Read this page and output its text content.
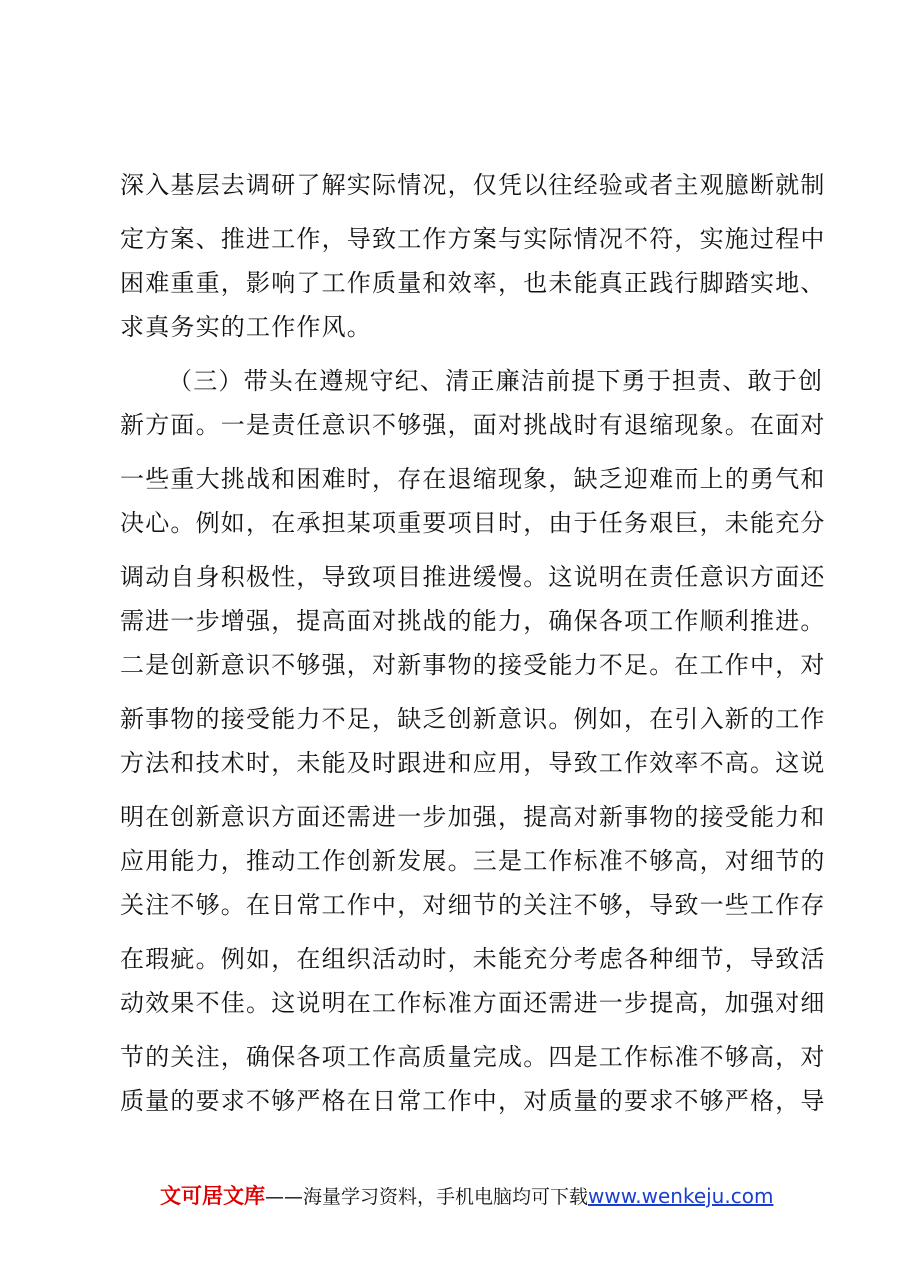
深入基层去调研了解实际情况，仅凭以往经验或者主观臆断就制
定方案、推进工作，导致工作方案与实际情况不符，实施过程中
困难重重，影响了工作质量和效率，也未能真正践行脚踏实地、
求真务实的工作作风。
（三）带头在遵规守纪、清正廉洁前提下勇于担责、敢于创
新方面。一是责任意识不够强，面对挑战时有退缩现象。在面对
一些重大挑战和困难时，存在退缩现象，缺乏迎难而上的勇气和
决心。例如，在承担某项重要项目时，由于任务艰巨，未能充分
调动自身积极性，导致项目推进缓慢。这说明在责任意识方面还
需进一步增强，提高面对挑战的能力，确保各项工作顺利推进。
二是创新意识不够强，对新事物的接受能力不足。在工作中，对
新事物的接受能力不足，缺乏创新意识。例如，在引入新的工作
方法和技术时，未能及时跟进和应用，导致工作效率不高。这说
明在创新意识方面还需进一步加强，提高对新事物的接受能力和
应用能力，推动工作创新发展。三是工作标准不够高，对细节的
关注不够。在日常工作中，对细节的关注不够，导致一些工作存
在瑕疵。例如，在组织活动时，未能充分考虑各种细节，导致活
动效果不佳。这说明在工作标准方面还需进一步提高，加强对细
节的关注，确保各项工作高质量完成。四是工作标准不够高，对
质量的要求不够严格在日常工作中，对质量的要求不够严格，导
文可居文库——海量学习资料，手机电脑均可下载www.wenkeju.com
